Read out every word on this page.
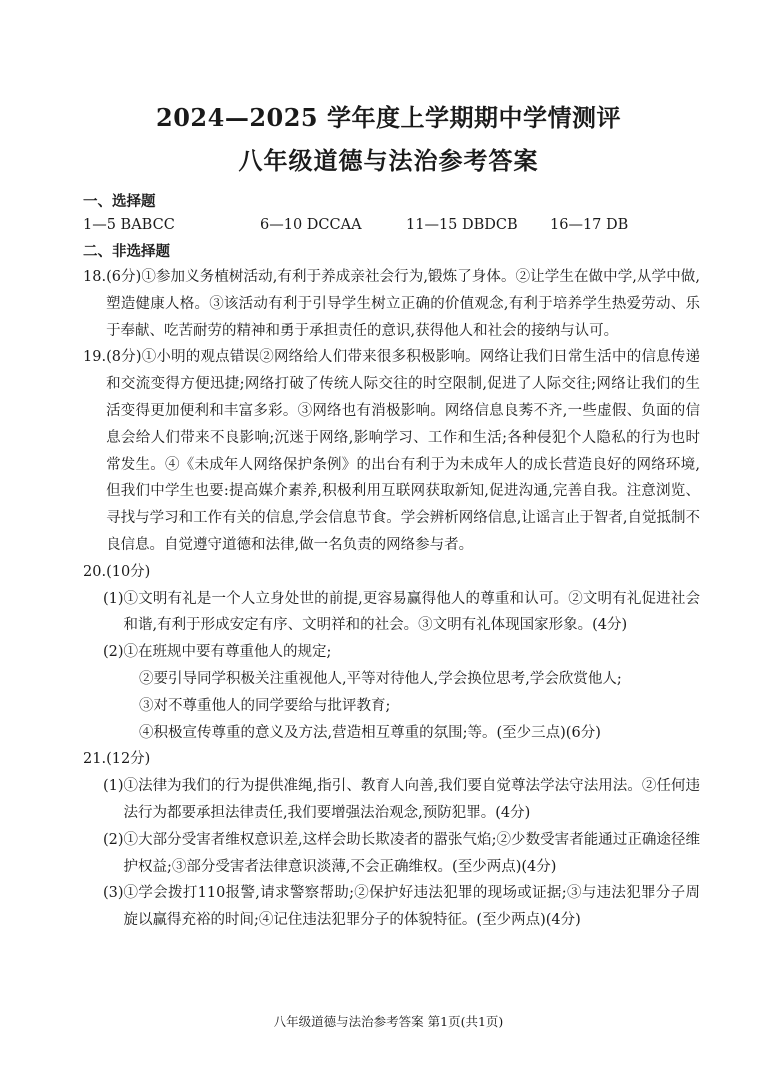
2024—2025 学年度上学期期中学情测评
八年级道德与法治参考答案
一、选择题
1—5 BABCC	6—10 DCCAA	11—15 DBDCB 16—17 DB
二、非选择题
18. (6分)①参加义务植树活动,有利于养成亲社会行为,锻炼了身体。②让学生在做中学,从学中做,塑造健康人格。③该活动有利于引导学生树立正确的价值观念,有利于培养学生热爱劳动、乐于奉献、吃苦耐劳的精神和勇于承担责任的意识,获得他人和社会的接纳与认可。
19. (8分)①小明的观点错误②网络给人们带来很多积极影响。网络让我们日常生活中的信息传递和交流变得方便迅捷;网络打破了传统人际交往的时空限制,促进了人际交往;网络让我们的生活变得更加便利和丰富多彩。③网络也有消极影响。网络信息良莠不齐,一些虚假、负面的信息会给人们带来不良影响;沉迷于网络,影响学习、工作和生活;各种侵犯个人隐私的行为也时常发生。④《未成年人网络保护条例》的出台有利于为未成年人的成长营造良好的网络环境,但我们中学生也要:提高媒介素养,积极利用互联网获取新知,促进沟通,完善自我。注意浏览、寻找与学习和工作有关的信息,学会信息节食。学会辨析网络信息,让谣言止于智者,自觉抵制不良信息。自觉遵守道德和法律,做一名负责的网络参与者。
20.(10分)
(1) ①文明有礼是一个人立身处世的前提,更容易赢得他人的尊重和认可。②文明有礼促进社会和谐,有利于形成安定有序、文明祥和的社会。③文明有礼体现国家形象。(4分)
(2)①在班规中要有尊重他人的规定;
②要引导同学积极关注重视他人,平等对待他人,学会换位思考,学会欣赏他人;
③对不尊重他人的同学要给与批评教育;
④积极宣传尊重的意义及方法,营造相互尊重的氛围;等。(至少三点)(6分)
21.(12分)
(1) ①法律为我们的行为提供准绳,指引、教育人向善,我们要自觉尊法学法守法用法。②任何违法行为都要承担法律责任,我们要增强法治观念,预防犯罪。(4分)
(2) ①大部分受害者维权意识差,这样会助长欺凌者的嚣张气焰;②少数受害者能通过正确途径维护权益;③部分受害者法律意识淡薄,不会正确维权。(至少两点)(4分)
(3) ①学会拨打110报警,请求警察帮助;②保护好违法犯罪的现场或证据;③与违法犯罪分子周旋以赢得充裕的时间;④记住违法犯罪分子的体貌特征。(至少两点)(4分)
八年级道德与法治参考答案 第1页(共1页)
